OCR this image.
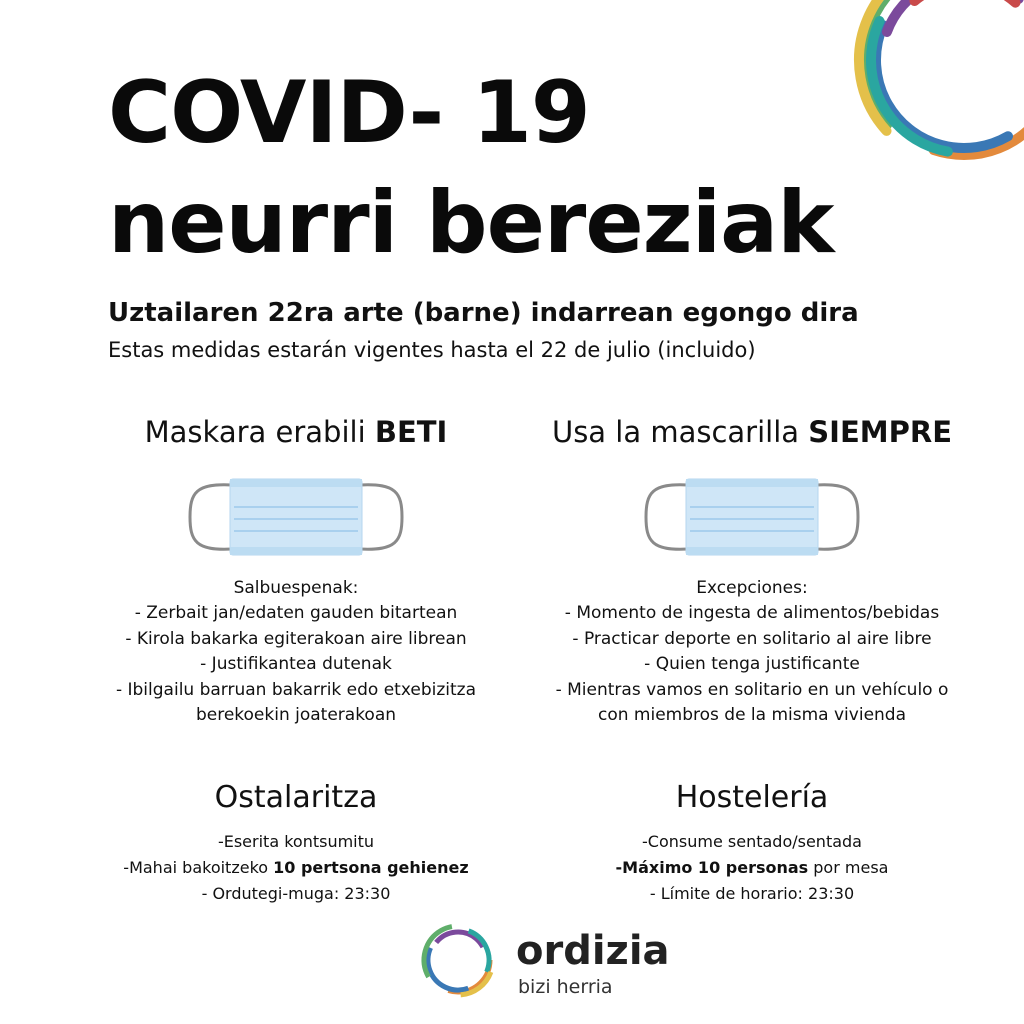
COVID- 19
neurri bereziak
Uztailaren 22ra arte (barne) indarrean egongo dira
Estas medidas estarán vigentes hasta el 22 de julio (incluido)
Maskara erabili BETI
Salbuespenak:
- Zerbait jan/edaten gauden bitartean
- Kirola bakarka egiterakoan aire librean
- Justifikantea dutenak
- Ibilgailu barruan bakarrik edo etxebizitza
berekoekin joaterakoan
Usa la mascarilla SIEMPRE
Excepciones:
- Momento de ingesta de alimentos/bebidas
- Practicar deporte en solitario al aire libre
- Quien tenga justificante
- Mientras vamos en solitario en un vehículo o
con miembros de la misma vivienda
Ostalaritza
-Eserita kontsumitu
-Mahai bakoitzeko 10 pertsona gehienez
- Ordutegi-muga: 23:30
Hostelería
-Consume sentado/sentada
-Máximo 10 personas por mesa
- Límite de horario: 23:30
ordizia
bizi herria
